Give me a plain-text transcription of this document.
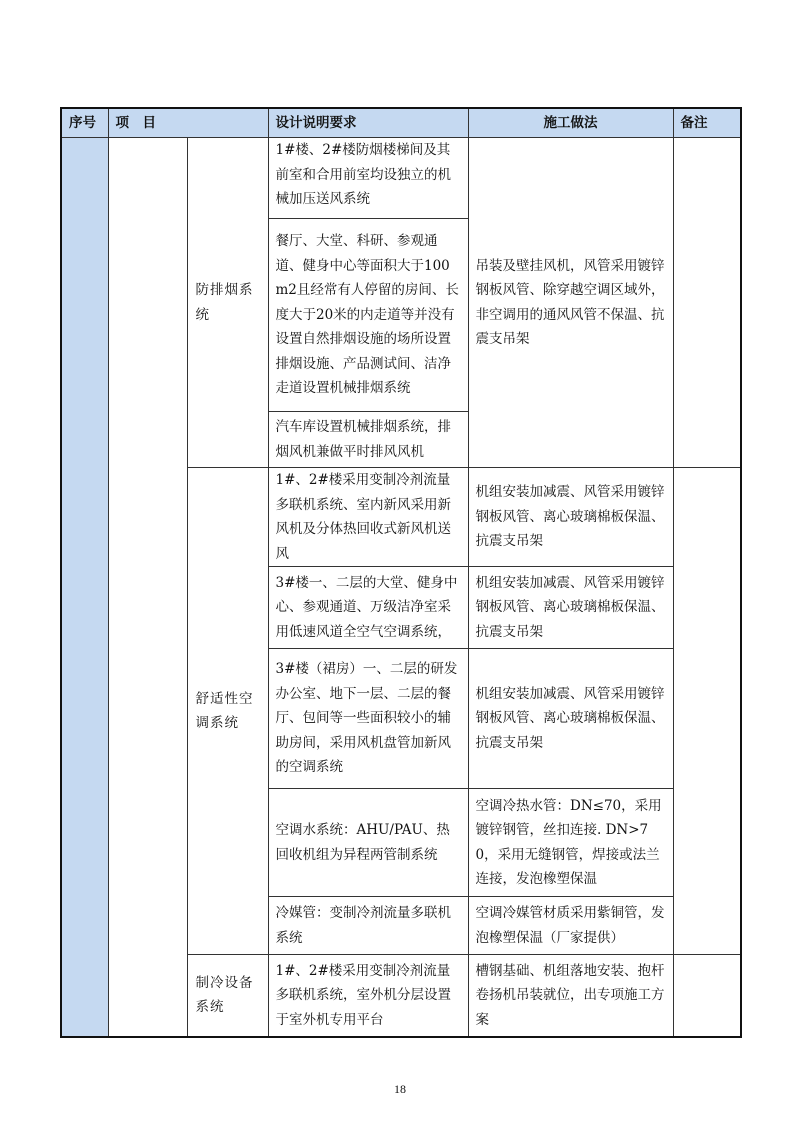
序号	项　目		设计说明要求	施工做法	备注
		防排烟系统	1#楼、2#楼防烟楼梯间及其前室和合用前室均设独立的机械加压送风系统	吊装及壁挂风机，风管采用镀锌钢板风管、除穿越空调区域外，非空调用的通风风管不保温、抗震支吊架	
			餐厅、大堂、科研、参观通道、健身中心等面积大于100m2且经常有人停留的房间、长度大于20米的内走道等并没有设置自然排烟设施的场所设置排烟设施、产品测试间、洁净走道设置机械排烟系统		
			汽车库设置机械排烟系统，排烟风机兼做平时排风风机		
		舒适性空调系统	1#、2#楼采用变制冷剂流量多联机系统、室内新风采用新风机及分体热回收式新风机送风	机组安装加减震、风管采用镀锌钢板风管、离心玻璃棉板保温、抗震支吊架	
			3#楼一、二层的大堂、健身中心、参观通道、万级洁净室采用低速风道全空气空调系统，	机组安装加减震、风管采用镀锌钢板风管、离心玻璃棉板保温、抗震支吊架	
			3#楼（裙房）一、二层的研发办公室、地下一层、二层的餐厅、包间等一些面积较小的辅助房间，采用风机盘管加新风的空调系统	机组安装加减震、风管采用镀锌钢板风管、离心玻璃棉板保温、抗震支吊架	
			空调水系统：AHU/PAU、热回收机组为异程两管制系统	空调冷热水管：DN≤70，采用镀锌钢管，丝扣连接. DN>70，采用无缝钢管，焊接或法兰连接，发泡橡塑保温	
			冷媒管：变制冷剂流量多联机系统	空调冷媒管材质采用紫铜管，发泡橡塑保温（厂家提供）	
		制冷设备系统	1#、2#楼采用变制冷剂流量多联机系统，室外机分层设置于室外机专用平台	槽钢基础、机组落地安装、抱杆卷扬机吊装就位，出专项施工方案	
18
